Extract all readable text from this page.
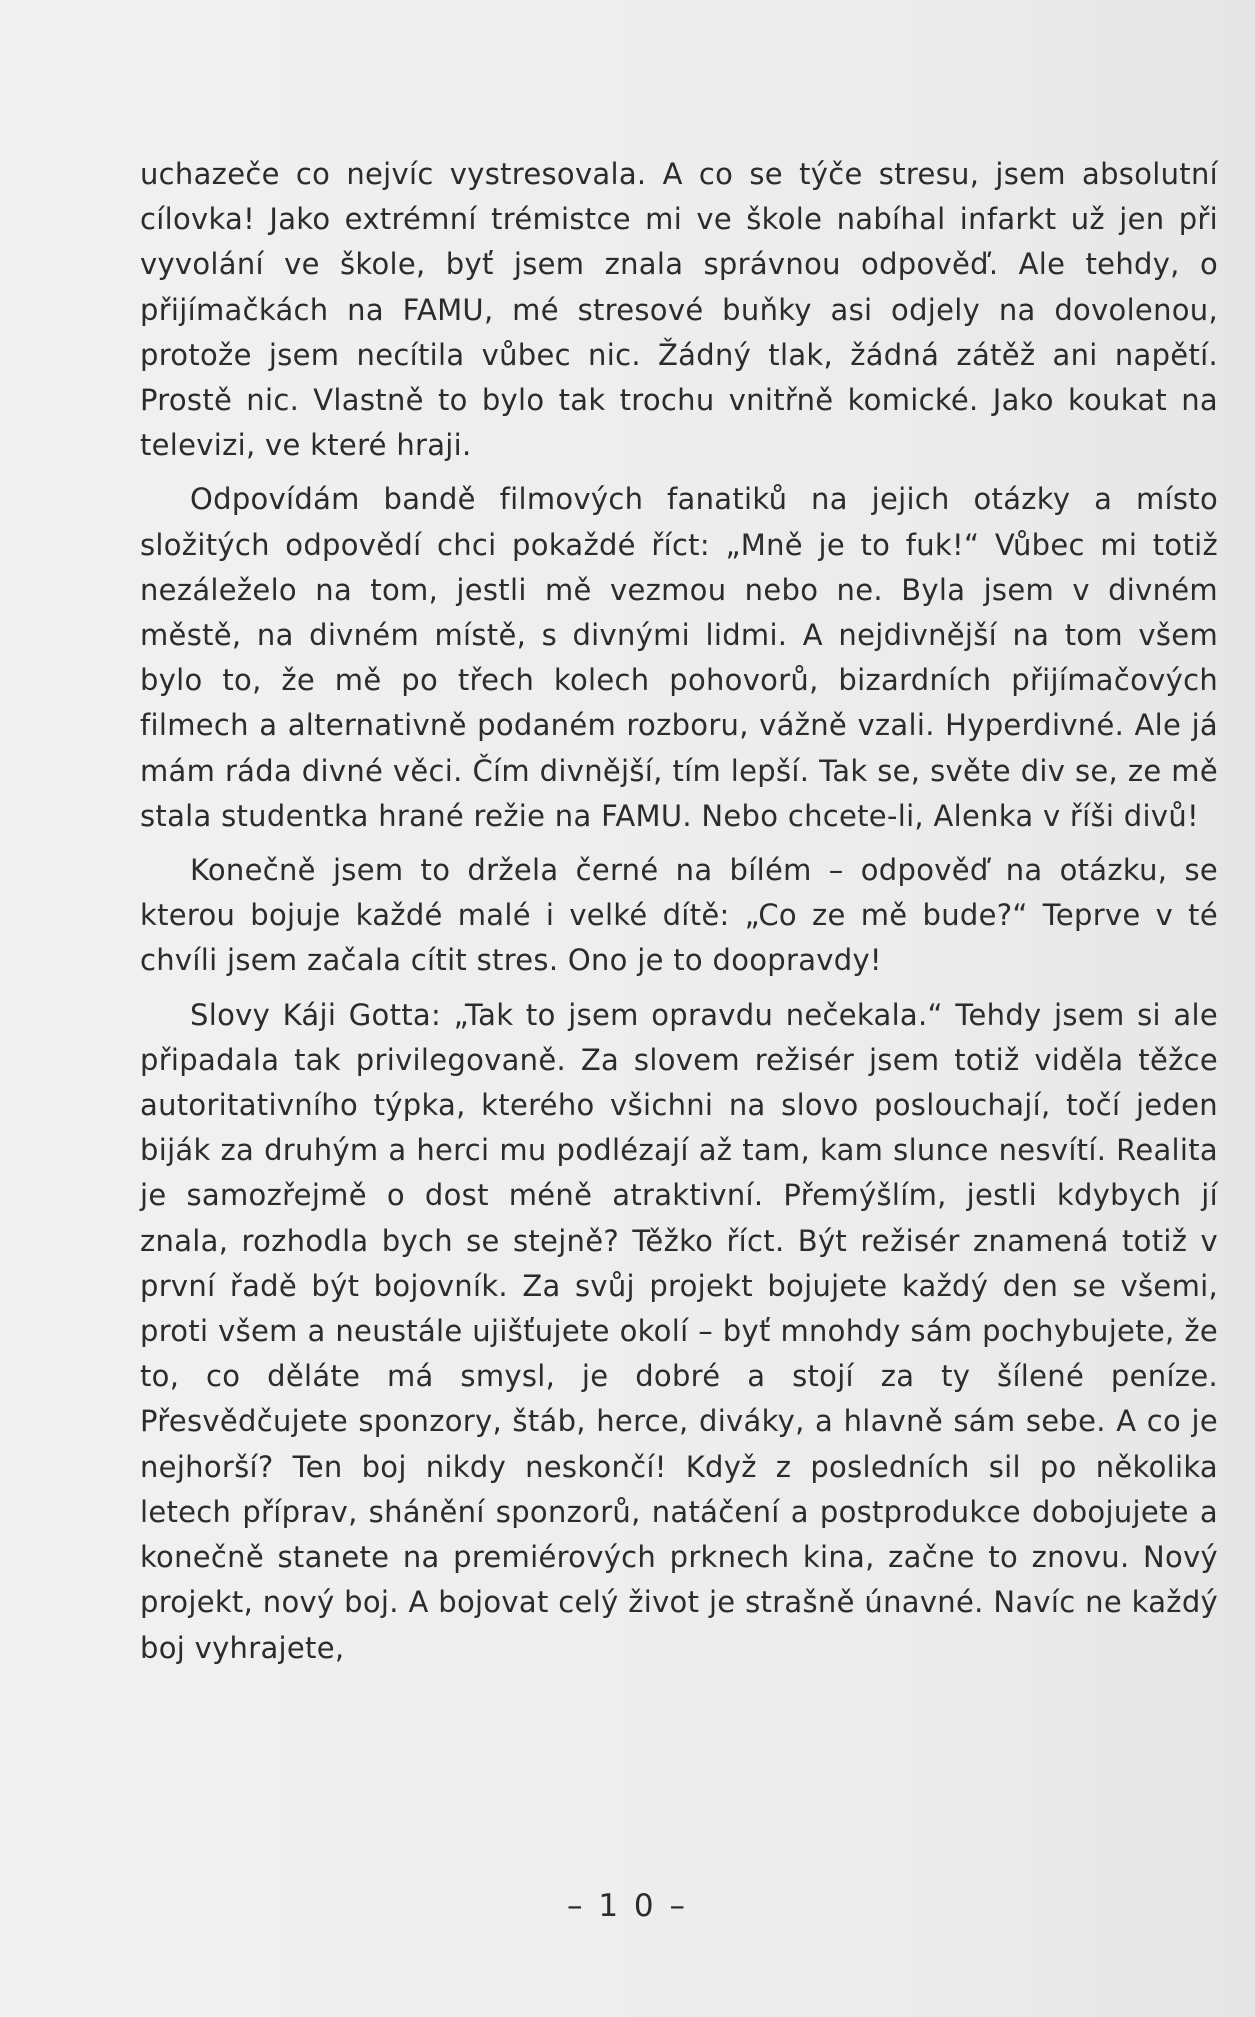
uchazeče co nejvíc vystresovala. A co se týče stresu, jsem absolutní cílovka! Jako extrémní trémistce mi ve škole nabíhal infarkt už jen při vyvolání ve škole, byť jsem znala správnou odpověď. Ale tehdy, o přijímačkách na FAMU, mé stresové buňky asi odjely na dovolenou, protože jsem necítila vůbec nic. Žádný tlak, žádná zátěž ani napětí. Prostě nic. Vlastně to bylo tak trochu vnitřně komické. Jako koukat na televizi, ve které hraji.

Odpovídám bandě filmových fanatiků na jejich otázky a místo složitých odpovědí chci pokaždé říct: „Mně je to fuk!“ Vůbec mi totiž nezáleželo na tom, jestli mě vezmou nebo ne. Byla jsem v divném městě, na divném místě, s divnými lidmi. A nejdivnější na tom všem bylo to, že mě po třech kolech pohovorů, bizardních přijímačových filmech a alternativně podaném rozboru, vážně vzali. Hyperdivné. Ale já mám ráda divné věci. Čím divnější, tím lepší. Tak se, světe div se, ze mě stala studentka hrané režie na FAMU. Nebo chcete-li, Alenka v říši divů!

Konečně jsem to držela černé na bílém – odpověď na otázku, se kterou bojuje každé malé i velké dítě: „Co ze mě bude?“ Teprve v té chvíli jsem začala cítit stres. Ono je to doopravdy!

Slovy Káji Gotta: „Tak to jsem opravdu nečekala.“ Tehdy jsem si ale připadala tak privilegovaně. Za slovem režisér jsem totiž viděla těžce autoritativního týpka, kterého všichni na slovo poslouchají, točí jeden biják za druhým a herci mu podlézají až tam, kam slunce nesvítí. Realita je samozřejmě o dost méně atraktivní. Přemýšlím, jestli kdybych jí znala, rozhodla bych se stejně? Těžko říct. Být režisér znamená totiž v první řadě být bojovník. Za svůj projekt bojujete každý den se všemi, proti všem a neustále ujišťujete okolí – byť mnohdy sám pochybujete, že to, co děláte má smysl, je dobré a stojí za ty šílené peníze. Přesvědčujete sponzory, štáb, herce, diváky, a hlavně sám sebe. A co je nejhorší? Ten boj nikdy neskončí! Když z posledních sil po několika letech příprav, shánění sponzorů, natáčení a postprodukce dobojujete a konečně stanete na premiérových prknech kina, začne to znovu. Nový projekt, nový boj. A bojovat celý život je strašně únavné. Navíc ne každý boj vyhrajete,

– 1 0 –
